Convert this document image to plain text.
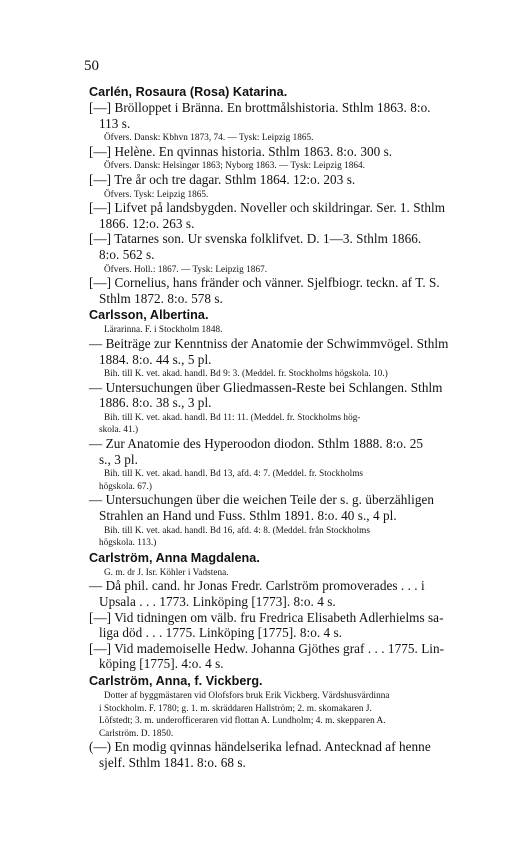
50
Carlén, Rosaura (Rosa) Katarina.
[—] Brölloppet i Bränna. En brottmålshistoria. Sthlm 1863. 8:o.
113 s.
Öfvers. Dansk: Kbhvn 1873, 74. — Tysk: Leipzig 1865.
[—] Helène. En qvinnas historia. Sthlm 1863. 8:o. 300 s.
Öfvers. Dansk: Helsingør 1863; Nyborg 1863. — Tysk: Leipzig 1864.
[—] Tre år och tre dagar. Sthlm 1864. 12:o. 203 s.
Öfvers. Tysk: Leipzig 1865.
[—] Lifvet på landsbygden. Noveller och skildringar. Ser. 1. Sthlm
1866. 12:o. 263 s.
[—] Tatarnes son. Ur svenska folklifvet. D. 1—3. Sthlm 1866.
8:o. 562 s.
Öfvers. Holl.: 1867. — Tysk: Leipzig 1867.
[—] Cornelius, hans fränder och vänner. Sjelfbiogr. teckn. af T. S.
Sthlm 1872. 8:o. 578 s.
Carlsson, Albertina.
Lärarinna. F. i Stockholm 1848.
— Beiträge zur Kenntniss der Anatomie der Schwimmvögel. Sthlm
1884. 8:o. 44 s., 5 pl.
Bih. till K. vet. akad. handl. Bd 9: 3. (Meddel. fr. Stockholms högskola. 10.)
— Untersuchungen über Gliedmassen-Reste bei Schlangen. Sthlm
1886. 8:o. 38 s., 3 pl.
Bih. till K. vet. akad. handl. Bd 11: 11. (Meddel. fr. Stockholms hög-
skola. 41.)
— Zur Anatomie des Hyperoodon diodon. Sthlm 1888. 8:o. 25
s., 3 pl.
Bih. till K. vet. akad. handl. Bd 13, afd. 4: 7. (Meddel. fr. Stockholms
högskola. 67.)
— Untersuchungen über die weichen Teile der s. g. überzähligen
Strahlen an Hand und Fuss. Sthlm 1891. 8:o. 40 s., 4 pl.
Bih. till K. vet. akad. handl. Bd 16, afd. 4: 8. (Meddel. från Stockholms
högskola. 113.)
Carlström, Anna Magdalena.
G. m. dr J. Isr. Köhler i Vadstena.
— Då phil. cand. hr Jonas Fredr. Carlström promoverades . . . i
Upsala . . . 1773. Linköping [1773]. 8:o. 4 s.
[—] Vid tidningen om välb. fru Fredrica Elisabeth Adlerhielms sa-
liga död . . . 1775. Linköping [1775]. 8:o. 4 s.
[—] Vid mademoiselle Hedw. Johanna Gjöthes graf . . . 1775. Lin-
köping [1775]. 4:o. 4 s.
Carlström, Anna, f. Vickberg.
Dotter af byggmästaren vid Olofsfors bruk Erik Vickberg. Värdshusvärdinna
i Stockholm. F. 1780; g. 1. m. skräddaren Hallström; 2. m. skomakaren J.
Löfstedt; 3. m. underofficeraren vid flottan A. Lundholm; 4. m. skepparen A.
Carlström. D. 1850.
(—) En modig qvinnas händelserika lefnad. Antecknad af henne
sjelf. Sthlm 1841. 8:o. 68 s.
